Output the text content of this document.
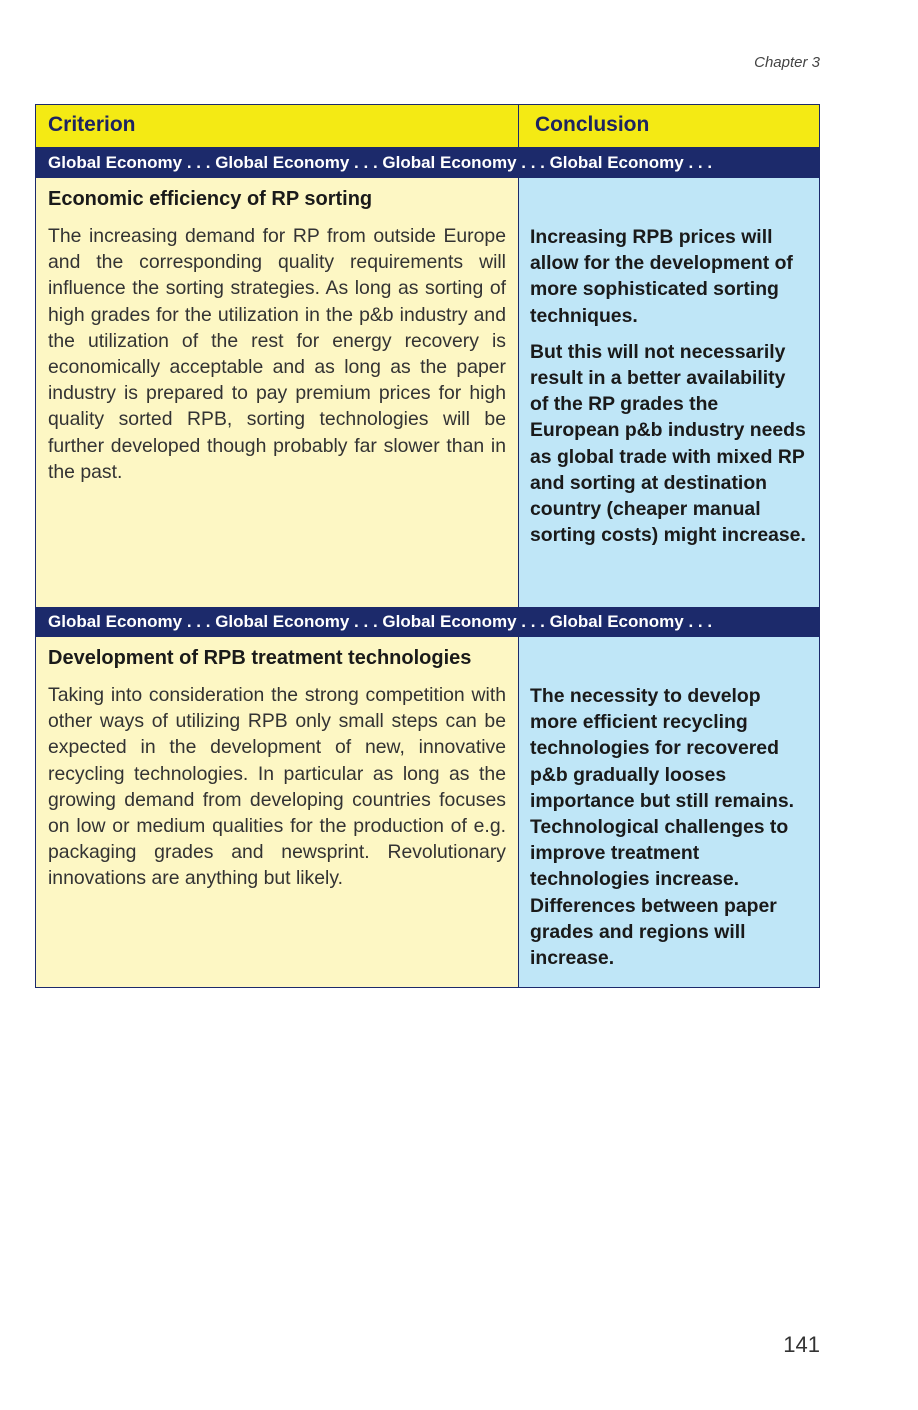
Chapter 3
Criterion	Conclusion
Global Economy . . . Global Economy . . . Global Economy . . . Global Economy . . .

Economic efficiency of RP sorting

The increasing demand for RP from outside Europe and the corresponding quality requirements will influence the sorting strategies. As long as sorting of high grades for the utilization in the p&b industry and the utilization of the rest for energy recovery is economically acceptable and as long as the paper industry is prepared to pay premium prices for high quality sorted RPB, sorting technologies will be further developed though probably far slower than in the past.

Increasing RPB prices will allow for the development of more sophisticated sorting techniques.

But this will not necessarily result in a better availability of the RP grades the European p&b industry needs as global trade with mixed RP and sorting at destination country (cheaper manual sorting costs) might increase.

Global Economy . . . Global Economy . . . Global Economy . . . Global Economy . . .

Development of RPB treatment technologies

Taking into consideration the strong competition with other ways of utilizing RPB only small steps can be expected in the development of new, innovative recycling technologies. In particular as long as the growing demand from developing countries focuses on low or medium qualities for the production of e.g. packaging grades and newsprint. Revolutionary innovations are anything but likely.

The necessity to develop more efficient recycling technologies for recovered p&b gradually looses importance but still remains. Technological challenges to improve treatment technologies increase. Differences between paper grades and regions will increase.

141
